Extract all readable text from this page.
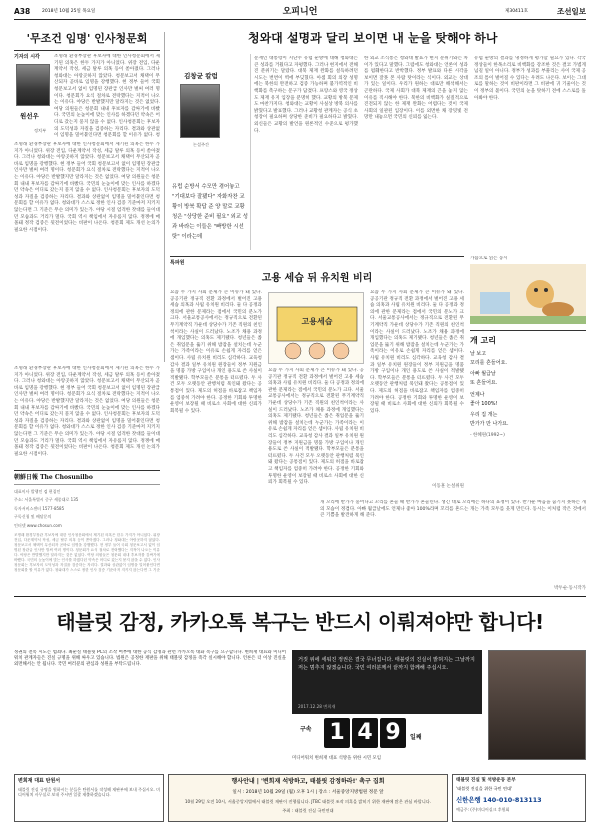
A38	2018년 10월 25일 목요일	오피니언	제30411호	조선일보
'무조건 임명' 인사청문회
기자의 시각
원선우
정치부
조명래 환경부장관 후보자에 대한 인사청문회에서 제기된 의혹은 한두 가지가 아니었다. 위장 전입, 다운계약서 작성, 세금 탈루 의혹 등이 쏟아졌다. 그러나 청와대는 아랑곳하지 않았다. 청문보고서 채택이 무산되자 곧바로 임명을 강행했다. 현 정부 들어 국회 청문보고서 없이 임명된 장관급 인사만 벌써 여러 명이다. 청문회가 요식 절차로 전락했다는 지적이 나오는 이유다. 야당은 반발했지만 달라지는 것은 없었다. 여당 의원들은 청문회 내내 후보자를 감싸기에 바빴다. 국민의 눈높이에 맞는 인사를 하겠다던 약속은 어디로 갔는지 묻지 않을 수 없다. 인사청문회는 후보자의 도덕성과 자질을 검증하는 자리다. 결과와 상관없이 임명을 밀어붙인다면 청문회를 할 이유가 없다. 청
조명래 환경부장관 후보자에 대한 인사청문회에서 제기된 의혹은 한두 가지가 아니었다. 위장 전입, 다운계약서 작성, 세금 탈루 의혹 등이 쏟아졌다. 그러나 청와대는 아랑곳하지 않았다. 청문보고서 채택이 무산되자 곧바로 임명을 강행했다. 현 정부 들어 국회 청문보고서 없이 임명된 장관급 인사만 벌써 여러 명이다. 청문회가 요식 절차로 전락했다는 지적이 나오는 이유다. 야당은 반발했지만 달라지는 것은 없었다. 여당 의원들은 청문회 내내 후보자를 감싸기에 바빴다. 국민의 눈높이에 맞는 인사를 하겠다던 약속은 어디로 갔는지 묻지 않을 수 없다. 인사청문회는 후보자의 도덕성과 자질을 검증하는 자리다. 결과와 상관없이 임명을 밀어붙인다면 청문회를 할 이유가 없다. 청와대가 스스로 정한 인사 검증 기준마저 지키지 않는다면 그 기준은 무슨 의미가 있는가. 야당 시절 엄격한 잣대를 들이대던 모습과도 거리가 멀다. 국회 역시 책임에서 자유롭지 않다. 정쟁에 매몰돼 정작 검증은 뒷전이었다는 비판이 나온다. 청문회 제도 개선 논의가 필요한 시점이다.
朝鮮日報 The Chosunilbo
대표이사 발행인 겸 편집인
주소: 서울특별시 중구 세종대로 135
독자서비스센터 1577-8585
구독신청 및 배달문의
인터넷 www.chosun.com
조명래 환경부장관 후보자에 대한 인사청문회에서 제기된 의혹은 한두 가지가 아니었다. 위장 전입, 다운계약서 작성, 세금 탈루 의혹 등이 쏟아졌다. 그러나 청와대는 아랑곳하지 않았다. 청문보고서 채택이 무산되자 곧바로 임명을 강행했다. 현 정부 들어 국회 청문보고서 없이 임명된 장관급 인사만 벌써 여러 명이다. 청문회가 요식 절차로 전락했다는 지적이 나오는 이유다. 야당은 반발했지만 달라지는 것은 없었다. 여당 의원들은 청문회 내내 후보자를 감싸기에 바빴다. 국민의 눈높이에 맞는 인사를 하겠다던 약속은 어디로 갔는지 묻지 않을 수 없다. 인사청문회는 후보자의 도덕성과 자질을 검증하는 자리다. 결과와 상관없이 임명을 밀어붙인다면 청문회를 할 이유가 없다. 청와대가 스스로 정한 인사 검증 기준마저 지키지 않는다면 그 기준
조명래 환경부장관 후보자에 대한 인사청문회에서 제기된 의혹은 한두 가지가 아니었다. 위장 전입, 다운계약서 작성, 세금 탈루 의혹 등이 쏟아졌다. 그러나 청와대는 아랑곳하지 않았다. 청문보고서 채택이 무산되자 곧바로 임명을 강행했다. 현 정부 들어 국회 청문보고서 없이 임명된 장관급 인사만 벌써 여러 명이다. 청문회가 요식 절차로 전락했다는 지적이 나오는 이유다. 야당은 반발했지만 달라지는 것은 없었다. 여당 의원들은 청문회 내내 후보자를 감싸기에 바빴다. 국민의 눈높이에 맞는 인사를 하겠다던 약속은 어디로 갔는지 묻지 않을 수 없다. 인사청문회는 후보자의 도덕성과 자질을 검증하는 자리다. 결과와 상관없이 임명을 밀어붙인다면 청문회를 할 이유가 없다. 청와대가 스스로 정한 인사 검증 기준마저 지키지 않는다면 그 기준은 무슨 의미가 있는가. 야당 시절 엄격한 잣대를 들이대던 모습과도 거리가 멀다. 국회 역시 책임에서 자유롭지 않다. 정쟁에 매몰돼 정작 검증은 뒷전이었다는 비판이 나온다. 청문회 제도 개선 논의가 필요한 시점이다.
청와대 설명과 달리 보이면 내 눈을 탓해야 하나
김창균 칼럼
논설주간
유럽 순방서 수모만 겪어놓고 "기대보다 잘됐다" 자화자찬 교황이 방북 확답 준 양 말로 교황청은 "상당한 준비 필요" 외교 성과 바라는 이들은 "빠방한 시선 탓" 이라는데
문재인 대통령이 지난주 유럽 순방에 대해 청와대는 큰 성과를 거뒀다고 자평했다. 그러나 현지에서 전해진 분위기는 달랐다. 대북 제재 완화를 설득하려던 시도는 번번이 벽에 부딪혔다. 아셈 회의 의장 성명에는 북한의 완전하고 검증 가능하며 불가역적인 비핵화를 촉구하는 문구가 담겼다. 프랑스와 영국 정상도 제재 유지 입장을 분명히 했다. 교황의 방북 문제도 마찬가지다. 청와대는 교황이 사실상 방북 의사를 밝혔다고 발표했다. 그러나 교황청 관계자는 공식 초청장이 필요하며 상당한 준비가 필요하다고 밝혔다. 외신들은 교황의 발언을 원론적인 수준으로 평가했다.
한 외교 소식통은 청와대 발표가 현지 분위기와는 차이가 있다고 말했다. 그럼에도 청와대는 언론이 성과를 폄훼한다고 반박했다. 정부 발표와 다른 시각을 보이면 잘못 본 사람 탓이라는 식이다. 외교는 상대가 있는 일이다. 우리가 원하는 대로만 해석해서는 곤란하다. 국제 사회가 대북 제재의 끈을 놓지 않는 이유를 직시해야 한다. 북한의 비핵화가 실질적으로 진전되지 않는 한 제재 완화는 어렵다는 것이 국제 사회의 일관된 입장이다. 이를 외면한 채 장밋빛 전망만 내놓으면 국민의 신뢰를 잃는다.
유럽 순방의 결과를 냉정하게 평가할 필요가 있다. 각국 정상들이 한목소리로 비핵화를 강조한 것은 결코 가볍게 넘길 일이 아니다. 정부가 성과를 부풀리는 사이 국제 공조의 틈이 벌어질 수 있다는 우려도 나온다. 보이는 그대로를 말하는 것이 비판이라면 그 비판에 귀 기울이는 것이 정부의 몫이다. 국민의 눈을 탓하기 전에 스스로를 돌아봐야 한다.
가슴으로 읽는 동시
특파원
고용 세습 뒤 유치원 비리
요즘 두 가지 사회 문제가 큰 이슈가 돼 있다. 공공기관 정규직 전환 과정에서 벌어진 고용 세습 의혹과 사립 유치원 비리다. 둘 다 공정과 정의에 관한 문제라는 점에서 국민의 분노가 크다. 서울교통공사에서는 정규직으로 전환된 무기계약직 가운데 상당수가 기존 직원의 친인척이라는 사실이 드러났다. 노조가 채용 과정에 개입했다는 의혹도 제기됐다. 청년들은 좁은 취업문을 뚫기 위해 밤잠을 설치는데 누군가는 가족이라는 이유로 손쉽게 자리를 얻은 셈이다. 사립 유치원 비리도 심각하다. 교육청 감사 결과 일부 유치원 원장들이 정부 지원금을 명품 가방 구입이나 개인 용도로 쓴 사실이 적발됐다. 학부모들은 분통을 터뜨렸다. 두 사건 모두 오랫동안 관행처럼 묵인돼 왔다는 공통점이 있다. 제도의 허점을 바로잡고 책임자를 엄중히 가려야 한다. 공정한 기회와 투명한 운영이 보장될 때 비로소 사회에 대한 신뢰가 회복될 수 있다.
고용세습
요즘 두 가지 사회 문제가 큰 이슈가 돼 있다. 공공기관 정규직 전환 과정에서 벌어진 고용 세습 의혹과 사립 유치원 비리다. 둘 다 공정과 정의에 관한 문제라는 점에서 국민의 분노가 크다. 서울교통공사에서는 정규직으로 전환된 무기계약직 가운데 상당수가 기존 직원의 친인척이라는 사실이 드러났다. 노조가 채용 과정에 개입했다는 의혹도 제기됐다. 청년들은 좁은 취업문을 뚫기 위해 밤잠을 설치는데 누군가는 가족이라는 이유로 손쉽게 자리를 얻은 셈이다. 사립 유치원 비리도 심각하다. 교육청 감사 결과 일부 유치원 원장들이 정부 지원금을 명품 가방 구입이나 개인 용도로 쓴 사실이 적발됐다. 학부모들은 분통을 터뜨렸다. 두 사건 모두 오랫동안 관행처럼 묵인돼 왔다는 공통점이 있다. 제도의 허점을 바로잡고 책임자를 엄중히 가려야 한다. 공정한 기회와 투명한 운영이 보장될 때 비로소 사회에 대한 신뢰가 회복될 수 있다.
요즘 두 가지 사회 문제가 큰 이슈가 돼 있다. 공공기관 정규직 전환 과정에서 벌어진 고용 세습 의혹과 사립 유치원 비리다. 둘 다 공정과 정의에 관한 문제라는 점에서 국민의 분노가 크다. 서울교통공사에서는 정규직으로 전환된 무기계약직 가운데 상당수가 기존 직원의 친인척이라는 사실이 드러났다. 노조가 채용 과정에 개입했다는 의혹도 제기됐다. 청년들은 좁은 취업문을 뚫기 위해 밤잠을 설치는데 누군가는 가족이라는 이유로 손쉽게 자리를 얻은 셈이다. 사립 유치원 비리도 심각하다. 교육청 감사 결과 일부 유치원 원장들이 정부 지원금을 명품 가방 구입이나 개인 용도로 쓴 사실이 적발됐다. 학부모들은 분통을 터뜨렸다. 두 사건 모두 오랫동안 관행처럼 묵인돼 왔다는 공통점이 있다. 제도의 허점을 바로잡고 책임자를 엄중히 가려야 한다. 공정한 기회와 투명한 운영이 보장될 때 비로소 사회에 대한 신뢰가 회복될 수 있다.
이동훈 논설위원
개 고리
날 보고
꼬리를 흔들어요.
아빠 월급날
또 흔들어요.
언제나
좋아 100%!
우리 집 개는
반가가 만 나가요.
- 한혜원(1992~)
개 꼬리에 반가가 묻어나고 꼬리를 흔들 때 반가가 흔들린다. 생긴 대로 꼬리에는 하나의 표정이 있다. 반가운 마음을 숨기지 못하는 개의 모습이 정겹다. 아빠 월급날에도 언제나 좋아 100%라며 꼬리를 흔드는 개는 가족 모두를 웃게 만든다. 동시는 이처럼 작은 것에서 큰 기쁨을 발견하게 해 준다.
박두순·동시작가
태블릿 감정, 카카오톡 복구는 반드시 이뤄져야만 합니다!
정권의 전복 시도는 범죄다. 최순실 태블릿 PC의 조작 여부에 대한 공식 감정과 관련 카카오톡 대화 복구를 요구합니다. 변희재 대표와 미디어워치 관계자들은 진실 규명을 위해 싸우고 있습니다. 법원은 공정한 재판을 위해 태블릿 감정을 즉각 실시해야 합니다. 언론은 더 이상 진실을 외면해서는 안 됩니다. 국민 여러분의 관심과 성원을 부탁드립니다.
거짓 위에 세워진 정권은 결국 무너집니다. 태블릿의 진실이 밝혀지는 그날까지 저는 멈추지 않겠습니다. 국민 여러분께서 끝까지 함께해 주십시오.
2017.12.28 변희재
구속 1 4 9	일째
미디어워치 변희재 대표 석방을 위한 시민 모임
변희재 대표 탄원서
태블릿 진실 규명을 원하시는 분들은 탄원서를 작성해 재판부에 보내 주십시오. 미디어워치 사무실로 보내 주시면 일괄 제출하겠습니다.
행사안내 | '변희재 석방하고, 태블릿 감정하라!' 촉구 집회
일시 : 2018년 10월 29일 (월) 오후 1시 | 장소 : 서울중앙지방법원 정문 앞
10월 29일 오전 10시, 서울중앙지법에서 태블릿 재판이 진행됩니다. JTBC 태블릿 조작 의혹을 밝히기 위한 재판에 많은 관심 바랍니다.
주최 : 태블릿 진실 국민연대
태블릿 진실 및 석방운동 본부
'태블릿 진실을 위한 국민 연대'
신한은행 140-010-813113
예금주: (주)미디어실크 후원회
